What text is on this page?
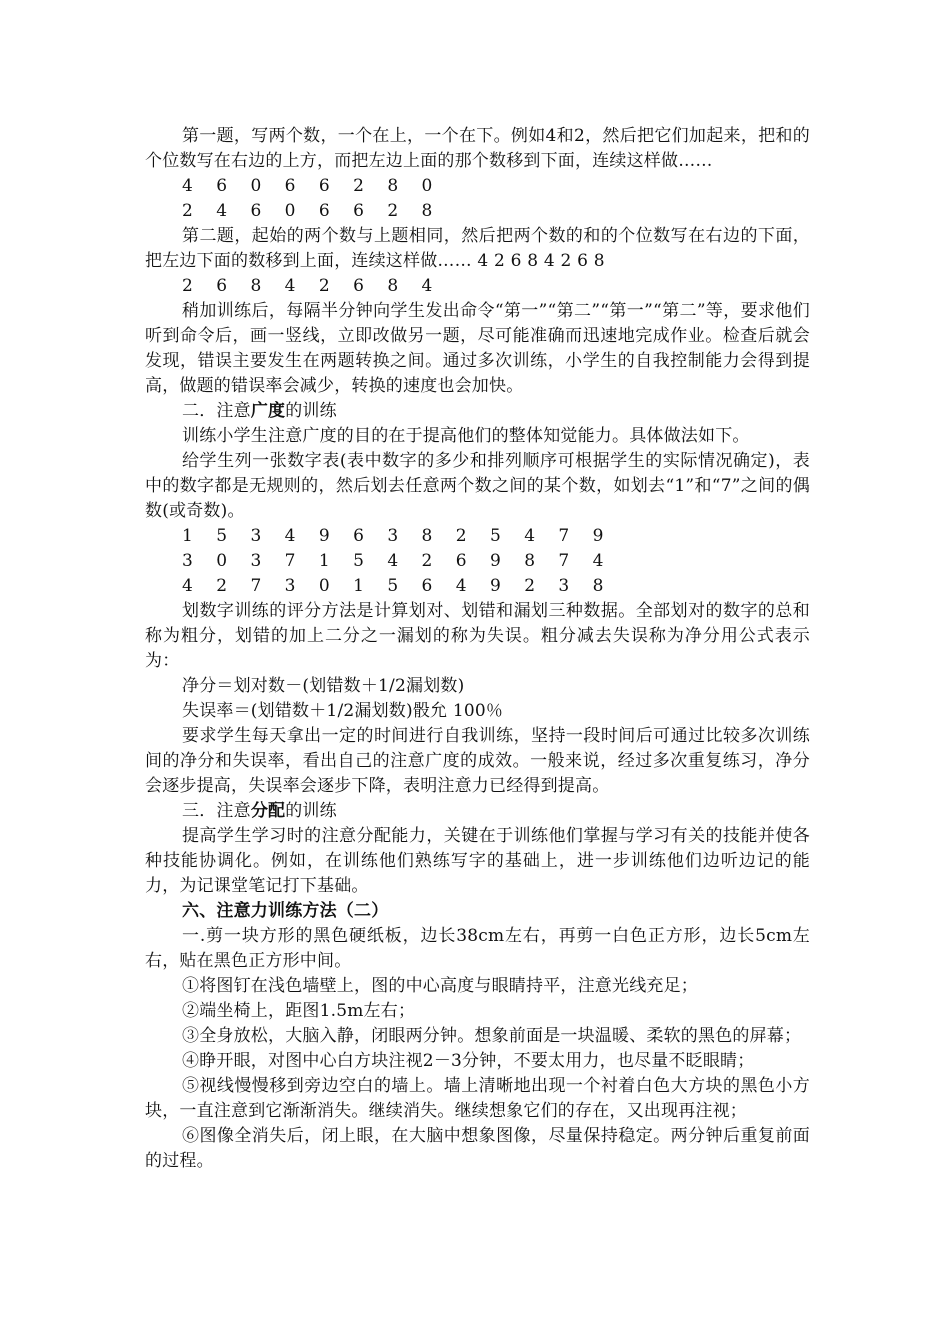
第一题，写两个数，一个在上，一个在下。例如4和2，然后把它们加起来，把和的个位数写在右边的上方，而把左边上面的那个数移到下面，连续这样做……

4 6 0 6 6 2 8 0

2 4 6 0 6 6 2 8

第二题，起始的两个数与上题相同，然后把两个数的和的个位数写在右边的下面，把左边下面的数移到上面，连续这样做…… 4 2 6 8 4 2 6 8

2 6 8 4 2 6 8 4

稍加训练后，每隔半分钟向学生发出命令“第一”“第二”“第一”“第二”等，要求他们听到命令后，画一竖线，立即改做另一题，尽可能准确而迅速地完成作业。检查后就会发现，错误主要发生在两题转换之间。通过多次训练，小学生的自我控制能力会得到提高，做题的错误率会减少，转换的速度也会加快。

二．注意广度的训练

训练小学生注意广度的目的在于提高他们的整体知觉能力。具体做法如下。

给学生列一张数字表(表中数字的多少和排列顺序可根据学生的实际情况确定)，表中的数字都是无规则的，然后划去任意两个数之间的某个数，如划去“1”和“7”之间的偶数(或奇数)。

1 5 3 4 9 6 3 8 2 5 4 7 9

3 0 3 7 1 5 4 2 6 9 8 7 4

4 2 7 3 0 1 5 6 4 9 2 3 8

划数字训练的评分方法是计算划对、划错和漏划三种数据。全部划对的数字的总和称为粗分，划错的加上二分之一漏划的称为失误。粗分减去失误称为净分用公式表示为：

净分＝划对数－(划错数＋1/2漏划数)

失误率＝(划错数＋1/2漏划数)骰允 100％

要求学生每天拿出一定的时间进行自我训练，坚持一段时间后可通过比较多次训练间的净分和失误率，看出自己的注意广度的成效。一般来说，经过多次重复练习，净分会逐步提高，失误率会逐步下降，表明注意力已经得到提高。

三．注意分配的训练

提高学生学习时的注意分配能力，关键在于训练他们掌握与学习有关的技能并使各种技能协调化。例如，在训练他们熟练写字的基础上，进一步训练他们边听边记的能力，为记课堂笔记打下基础。

六、注意力训练方法（二）

一.剪一块方形的黑色硬纸板，边长38cm左右，再剪一白色正方形，边长5cm左右，贴在黑色正方形中间。

①将图钉在浅色墙壁上，图的中心高度与眼睛持平，注意光线充足；

②端坐椅上，距图1.5m左右；

③全身放松，大脑入静，闭眼两分钟。想象前面是一块温暖、柔软的黑色的屏幕；

④睁开眼，对图中心白方块注视2－3分钟，不要太用力，也尽量不眨眼睛；

⑤视线慢慢移到旁边空白的墙上。墙上清晰地出现一个衬着白色大方块的黑色小方块，一直注意到它渐渐消失。继续消失。继续想象它们的存在，又出现再注视；

⑥图像全消失后，闭上眼，在大脑中想象图像，尽量保持稳定。两分钟后重复前面的过程。
